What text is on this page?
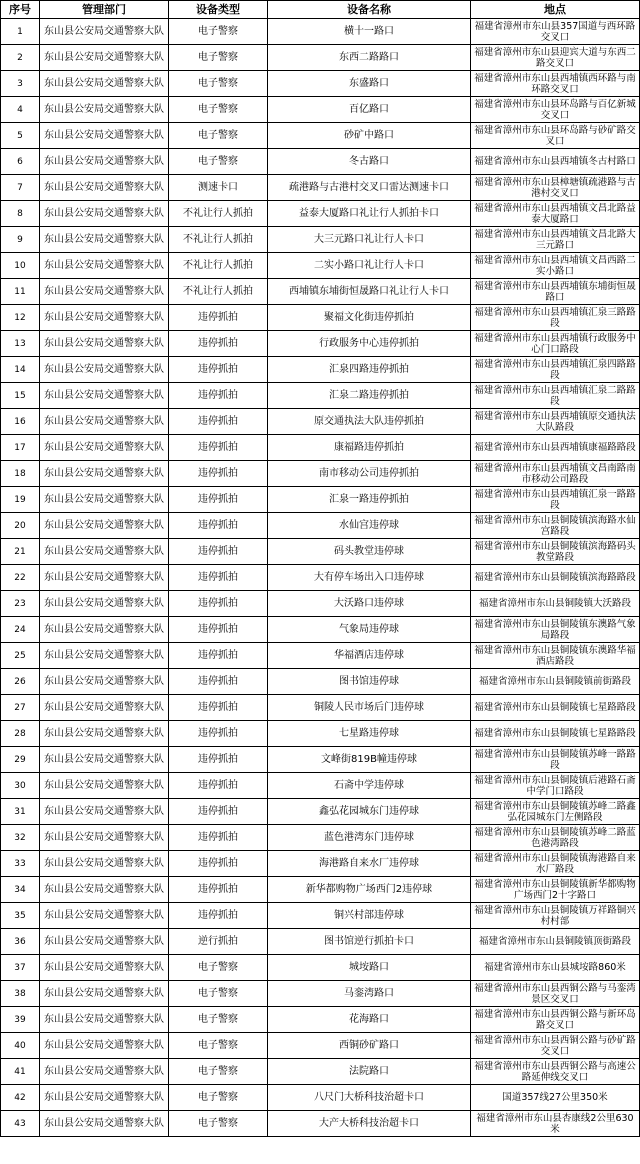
序号	管理部门	设备类型	设备名称	地点
1	东山县公安局交通警察大队	电子警察	横十一路口	福建省漳州市东山县357国道与西环路交叉口
2	东山县公安局交通警察大队	电子警察	东西二路路口	福建省漳州市东山县迎宾大道与东西二路交叉口
3	东山县公安局交通警察大队	电子警察	东盛路口	福建省漳州市东山县西埔镇西环路与南环路交叉口
4	东山县公安局交通警察大队	电子警察	百亿路口	福建省漳州市东山县环岛路与百亿新城交叉口
5	东山县公安局交通警察大队	电子警察	砂矿中路口	福建省漳州市东山县环岛路与砂矿路交叉口
6	东山县公安局交通警察大队	电子警察	冬古路口	福建省漳州市东山县西埔镇冬古村路口
7	东山县公安局交通警察大队	测速卡口	疏港路与古港村交叉口雷达测速卡口	福建省漳州市东山县樟塘镇疏港路与古港村交叉口
8	东山县公安局交通警察大队	不礼让行人抓拍	益泰大厦路口礼让行人抓拍卡口	福建省漳州市东山县西埔镇文昌北路益泰大厦路口
9	东山县公安局交通警察大队	不礼让行人抓拍	大三元路口礼让行人卡口	福建省漳州市东山县西埔镇文昌北路大三元路口
10	东山县公安局交通警察大队	不礼让行人抓拍	二实小路口礼让行人卡口	福建省漳州市东山县西埔镇文昌西路二实小路口
11	东山县公安局交通警察大队	不礼让行人抓拍	西埔镇东埔街恒晟路口礼让行人卡口	福建省漳州市东山县西埔镇东埔街恒晟路口
12	东山县公安局交通警察大队	违停抓拍	聚福文化街违停抓拍	福建省漳州市东山县西埔镇汇泉三路路段
13	东山县公安局交通警察大队	违停抓拍	行政服务中心违停抓拍	福建省漳州市东山县西埔镇行政服务中心门口路段
14	东山县公安局交通警察大队	违停抓拍	汇泉四路违停抓拍	福建省漳州市东山县西埔镇汇泉四路路段
15	东山县公安局交通警察大队	违停抓拍	汇泉二路违停抓拍	福建省漳州市东山县西埔镇汇泉二路路段
16	东山县公安局交通警察大队	违停抓拍	原交通执法大队违停抓拍	福建省漳州市东山县西埔镇原交通执法大队路段
17	东山县公安局交通警察大队	违停抓拍	康福路违停抓拍	福建省漳州市东山县西埔镇康福路路段
18	东山县公安局交通警察大队	违停抓拍	南市移动公司违停抓拍	福建省漳州市东山县西埔镇文昌南路南市移动公司路段
19	东山县公安局交通警察大队	违停抓拍	汇泉一路违停抓拍	福建省漳州市东山县西埔镇汇泉一路路段
20	东山县公安局交通警察大队	违停抓拍	水仙宫违停球	福建省漳州市东山县铜陵镇滨海路水仙宫路段
21	东山县公安局交通警察大队	违停抓拍	码头教堂违停球	福建省漳州市东山县铜陵镇滨海路码头教堂路段
22	东山县公安局交通警察大队	违停抓拍	大有停车场出入口违停球	福建省漳州市东山县铜陵镇滨海路路段
23	东山县公安局交通警察大队	违停抓拍	大沃路口违停球	福建省漳州市东山县铜陵镇大沃路段
24	东山县公安局交通警察大队	违停抓拍	气象局违停球	福建省漳州市东山县铜陵镇东澳路气象局路段
25	东山县公安局交通警察大队	违停抓拍	华福酒店违停球	福建省漳州市东山县铜陵镇东澳路华福酒店路段
26	东山县公安局交通警察大队	违停抓拍	图书馆违停球	福建省漳州市东山县铜陵镇前街路段
27	东山县公安局交通警察大队	违停抓拍	铜陵人民市场后门违停球	福建省漳州市东山县铜陵镇七星路路段
28	东山县公安局交通警察大队	违停抓拍	七星路违停球	福建省漳州市东山县铜陵镇七星路路段
29	东山县公安局交通警察大队	违停抓拍	文峰街819B幢违停球	福建省漳州市东山县铜陵镇苏峰一路路段
30	东山县公安局交通警察大队	违停抓拍	石斋中学违停球	福建省漳州市东山县铜陵镇后港路石斋中学门口路段
31	东山县公安局交通警察大队	违停抓拍	鑫弘花园城东门违停球	福建省漳州市东山县铜陵镇苏峰二路鑫弘花园城东门左侧路段
32	东山县公安局交通警察大队	违停抓拍	蓝色港湾东门违停球	福建省漳州市东山县铜陵镇苏峰二路蓝色港湾路段
33	东山县公安局交通警察大队	违停抓拍	海港路自来水厂违停球	福建省漳州市东山县铜陵镇海港路自来水厂路段
34	东山县公安局交通警察大队	违停抓拍	新华都购物广场西门2违停球	福建省漳州市东山县铜陵镇新华都购物广场西门2十字路口
35	东山县公安局交通警察大队	违停抓拍	铜兴村部违停球	福建省漳州市东山县铜陵镇万祥路铜兴村村部
36	东山县公安局交通警察大队	逆行抓拍	图书馆逆行抓拍卡口	福建省漳州市东山县铜陵镇顶街路段
37	东山县公安局交通警察大队	电子警察	城垵路口	福建省漳州市东山县城垵路860米
38	东山县公安局交通警察大队	电子警察	马銮湾路口	福建省漳州市东山县西铜公路与马銮湾景区交叉口
39	东山县公安局交通警察大队	电子警察	花海路口	福建省漳州市东山县西铜公路与新环岛路交叉口
40	东山县公安局交通警察大队	电子警察	西铜砂矿路口	福建省漳州市东山县西铜公路与砂矿路交叉口
41	东山县公安局交通警察大队	电子警察	法院路口	福建省漳州市东山县西铜公路与高速公路延伸线交叉口
42	东山县公安局交通警察大队	电子警察	八尺门大桥科技治超卡口	国道357线27公里350米
43	东山县公安局交通警察大队	电子警察	大产大桥科技治超卡口	福建省漳州市东山县杏康线2公里630米
